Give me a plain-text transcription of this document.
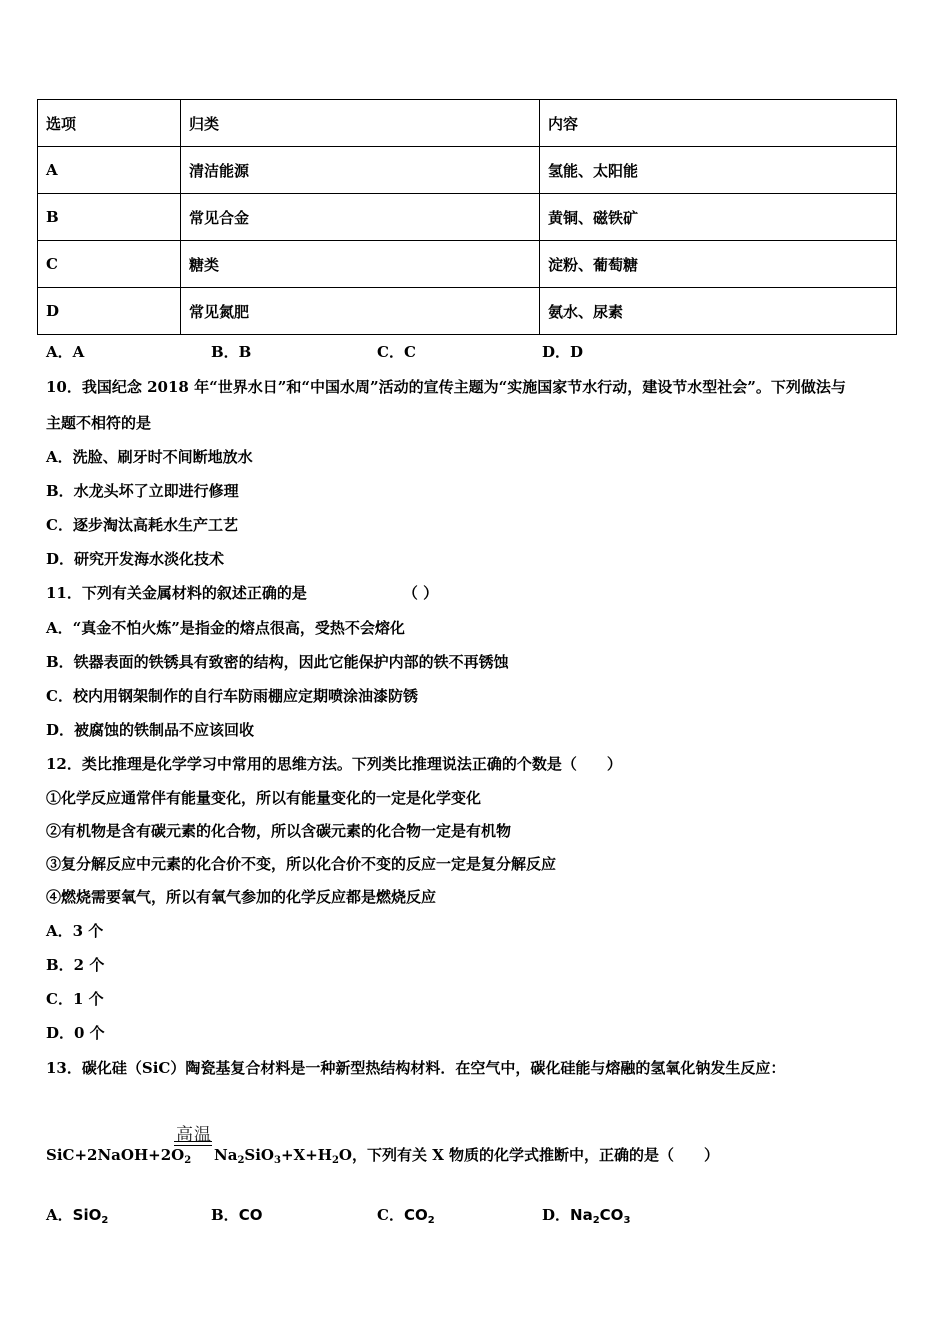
选项	归类	内容
A	清洁能源	氢能、太阳能
B	常见合金	黄铜、磁铁矿
C	糖类	淀粉、葡萄糖
D	常见氮肥	氨水、尿素
A．A	B．B	C．C	D．D
10．我国纪念 2018 年“世界水日”和“中国水周”活动的宣传主题为“实施国家节水行动，建设节水型社会”。下列做法与
主题不相符的是
A．洗脸、刷牙时不间断地放水
B．水龙头坏了立即进行修理
C．逐步淘汰高耗水生产工艺
D．研究开发海水淡化技术
11．下列有关金属材料的叙述正确的是	（ ）
A．“真金不怕火炼”是指金的熔点很高，受热不会熔化
B．铁器表面的铁锈具有致密的结构，因此它能保护内部的铁不再锈蚀
C．校内用钢架制作的自行车防雨棚应定期喷涂油漆防锈
D．被腐蚀的铁制品不应该回收
12．类比推理是化学学习中常用的思维方法。下列类比推理说法正确的个数是（　　）
①化学反应通常伴有能量变化，所以有能量变化的一定是化学变化
②有机物是含有碳元素的化合物，所以含碳元素的化合物一定是有机物
③复分解反应中元素的化合价不变，所以化合价不变的反应一定是复分解反应
④燃烧需要氧气，所以有氧气参加的化学反应都是燃烧反应
A．3 个
B．2 个
C．1 个
D．0 个
13．碳化硅（SiC）陶瓷基复合材料是一种新型热结构材料．在空气中，碳化硅能与熔融的氢氧化钠发生反应：
高温
$SiC+2NaOH+2O_2$ $Na_2SiO_3+X+H_2O$，下列有关 X 物质的化学式推断中，正确的是（　　）
A．SiO$_2$	B．CO	C．$CO_2$	D．$Na_2CO_3$
